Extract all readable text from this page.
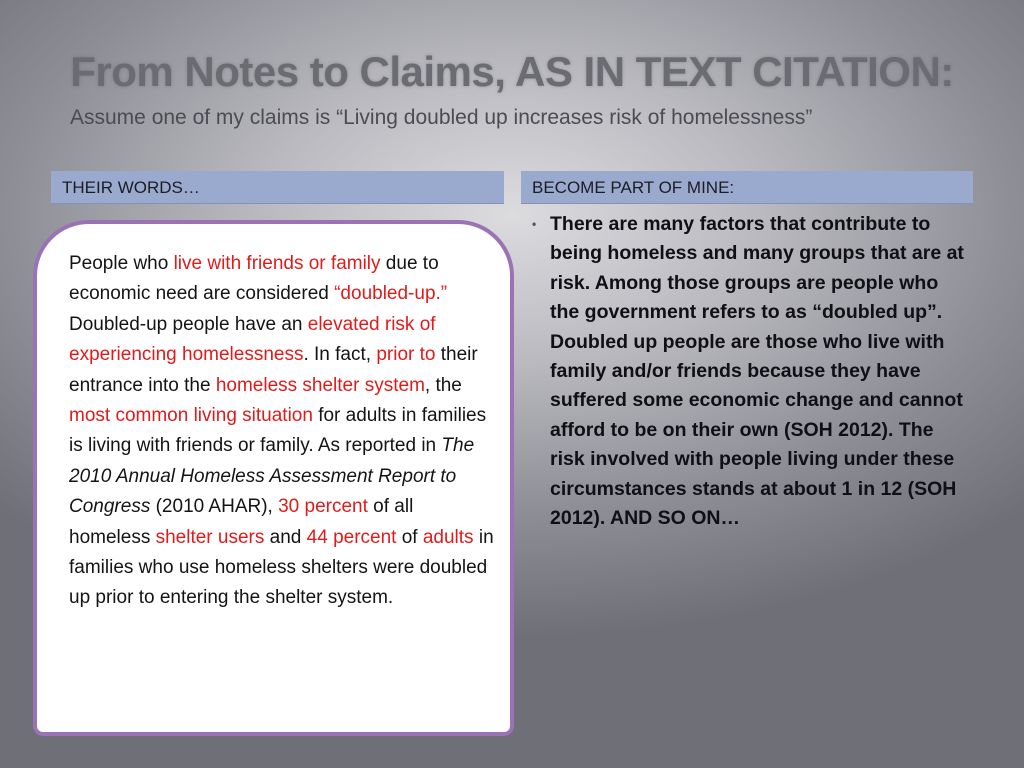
From Notes to Claims, AS IN TEXT CITATION:
Assume one of my claims is “Living doubled up increases risk of homelessness”
THEIR WORDS…	BECOME PART OF MINE:
People who live with friends or family due to economic need are considered “doubled-up.” Doubled-up people have an elevated risk of experiencing homelessness. In fact, prior to their entrance into the homeless shelter system, the most common living situation for adults in families is living with friends or family. As reported in The 2010 Annual Homeless Assessment Report to Congress (2010 AHAR), 30 percent of all homeless shelter users and 44 percent of adults in families who use homeless shelters were doubled up prior to entering the shelter system.
• There are many factors that contribute to being homeless and many groups that are at risk. Among those groups are people who the government refers to as “doubled up”. Doubled up people are those who live with family and/or friends because they have suffered some economic change and cannot afford to be on their own (SOH 2012). The risk involved with people living under these circumstances stands at about 1 in 12 (SOH 2012). AND SO ON…
